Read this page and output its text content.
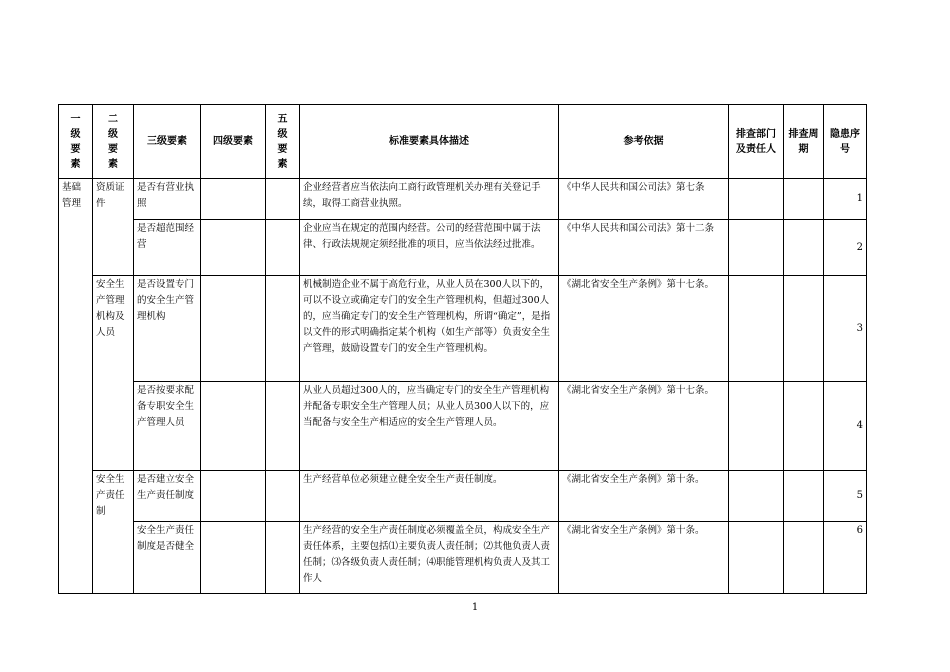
一
级
要
素	二
级
要
素	三级要素	四级要素	五
级
要
素	标准要素具体描述	参考依据	排查部门及责任人	排查周期	隐患序号
基础管理	资质证件	是否有营业执照			企业经营者应当依法向工商行政管理机关办理有关登记手续，取得工商营业执照。	《中华人民共和国公司法》第七条			1
		是否超范围经营			企业应当在规定的范围内经营。公司的经营范围中属于法律、行政法规规定须经批准的项目，应当依法经过批准。	《中华人民共和国公司法》第十二条			2
	安全生产管理机构及人员	是否设置专门的安全生产管理机构			机械制造企业不属于高危行业，从业人员在300人以下的，可以不设立或确定专门的安全生产管理机构，但超过300人的，应当确定专门的安全生产管理机构，所谓“确定”，是指以文件的形式明确指定某个机构（如生产部等）负责安全生产管理，鼓励设置专门的安全生产管理机构。	《湖北省安全生产条例》第十七条。			3
		是否按要求配备专职安全生产管理人员			从业人员超过300人的，应当确定专门的安全生产管理机构并配备专职安全生产管理人员；从业人员300人以下的，应当配备与安全生产相适应的安全生产管理人员。	《湖北省安全生产条例》第十七条。			4
	安全生产责任制	是否建立安全生产责任制度			生产经营单位必须建立健全安全生产责任制度。	《湖北省安全生产条例》第十条。			5
		安全生产责任制度是否健全			生产经营的安全生产责任制度必须覆盖全员，构成安全生产责任体系，主要包括⑴主要负责人责任制；⑵其他负责人责任制；⑶各级负责人责任制；⑷职能管理机构负责人及其工作人	《湖北省安全生产条例》第十条。			6
1
